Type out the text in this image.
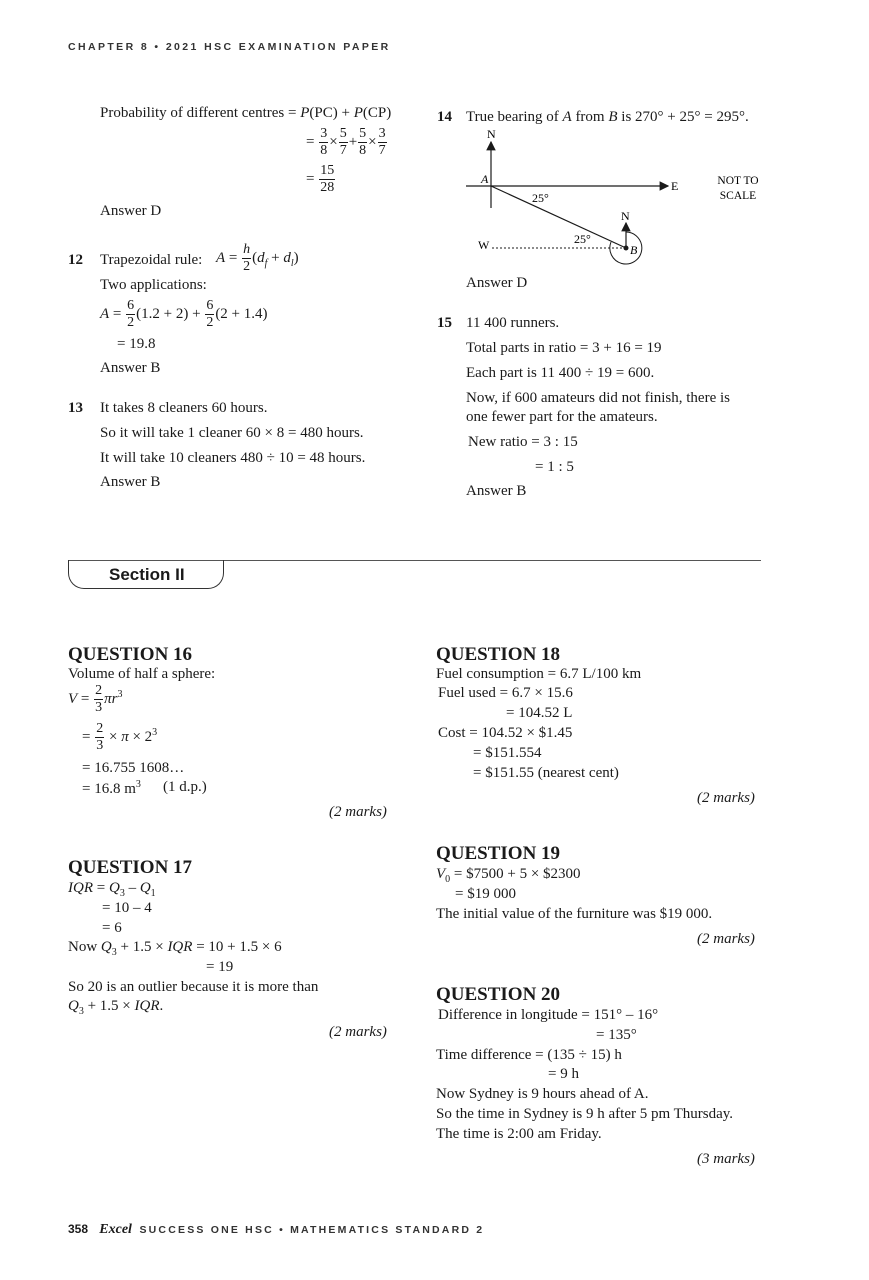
CHAPTER 8 • 2021 HSC EXAMINATION PAPER
Probability of different centres = P(PC) + P(CP)
= $\frac{3}{8} \times \frac{5}{7} + \frac{5}{8} \times \frac{3}{7}$
= $\frac{15}{28}$
Answer D
12 Trapezoidal rule: $A = \frac{h}{2} (d_f + d_l)$
Two applications:
$A = \frac{6}{2} (1.2 + 2) + \frac{6}{2} (2 + 1.4)$
= 19.8
Answer B
13 It takes 8 cleaners 60 hours.
So it will take 1 cleaner 60 × 8 = 480 hours.
It will take 10 cleaners 480 ÷ 10 = 48 hours.
Answer B
14 True bearing of A from B is 270° + 25° = 295°.
N
A	E
25°
N
25°
W	B
NOT TO
SCALE
Answer D
15 11 400 runners.
Total parts in ratio = 3 + 16 = 19
Each part is 11 400 ÷ 19 = 600.
Now, if 600 amateurs did not finish, there is
one fewer part for the amateurs.
New ratio = 3 : 15
= 1 : 5
Answer B
Section II
QUESTION 16
Volume of half a sphere:
$V = \frac{2}{3} \pi r^3$
= $\frac{2}{3} \times \pi \times 2^3$
= 16.755 1608…
= 16.8 $m^3$ (1 d.p.)
(2 marks)
QUESTION 17
IQR = $Q_3 - Q_1$
= 10 – 4
= 6
Now $Q_3 + 1.5$ × IQR = 10 + 1.5 × 6
= 19
So 20 is an outlier because it is more than
$Q_3 + 1.5$ × IQR.
(2 marks)
QUESTION 18
Fuel consumption = 6.7 L/100 km
Fuel used = 6.7 × 15.6
= 104.52 L
Cost = 104.52 × $1.45
= $151.554
= $151.55 (nearest cent)
(2 marks)
QUESTION 19
$V_0$ = $7500 + 5 × $2300
= $19 000
The initial value of the furniture was $19 000.
(2 marks)
QUESTION 20
Difference in longitude = 151° – 16°
= 135°
Time difference = (135 ÷ 15) h
= 9 h
Now Sydney is 9 hours ahead of A.
So the time in Sydney is 9 h after 5 pm Thursday.
The time is 2:00 am Friday.
(3 marks)
358 Excel SUCCESS ONE HSC • MATHEMATICS STANDARD 2
